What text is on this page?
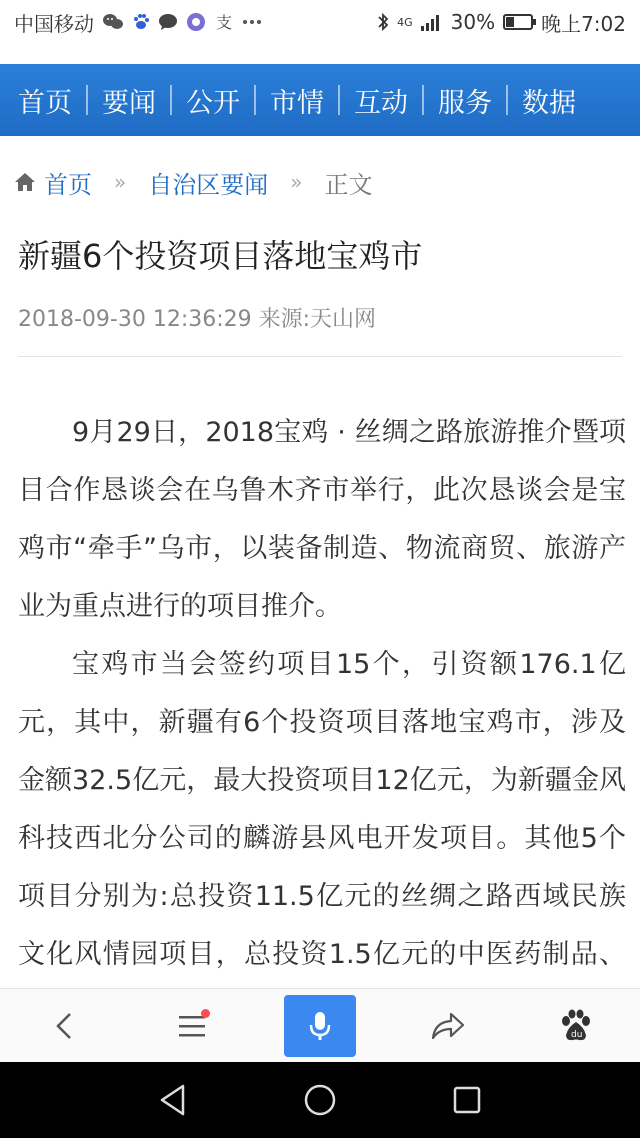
中国移动	支	4G 30% 晚上7:02
首页	要闻	公开	市情	互动	服务	数据
首页 » 自治区要闻 » 正文
新疆6个投资项目落地宝鸡市
2018-09-30 12:36:29 来源:天山网

9月29日，2018宝鸡 · 丝绸之路旅游推介暨项目合作恳谈会在乌鲁木齐市举行，此次恳谈会是宝鸡市“牵手”乌市，以装备制造、物流商贸、旅游产业为重点进行的项目推介。

宝鸡市当会签约项目15个，引资额176.1亿元，其中，新疆有6个投资项目落地宝鸡市，涉及金额32.5亿元，最大投资项目12亿元，为新疆金风科技西北分公司的麟游县风电开发项目。其他5个项目分别为:总投资11.5亿元的丝绸之路西域民族文化风情园项目，总投资1.5亿元的中医药制品、

du
